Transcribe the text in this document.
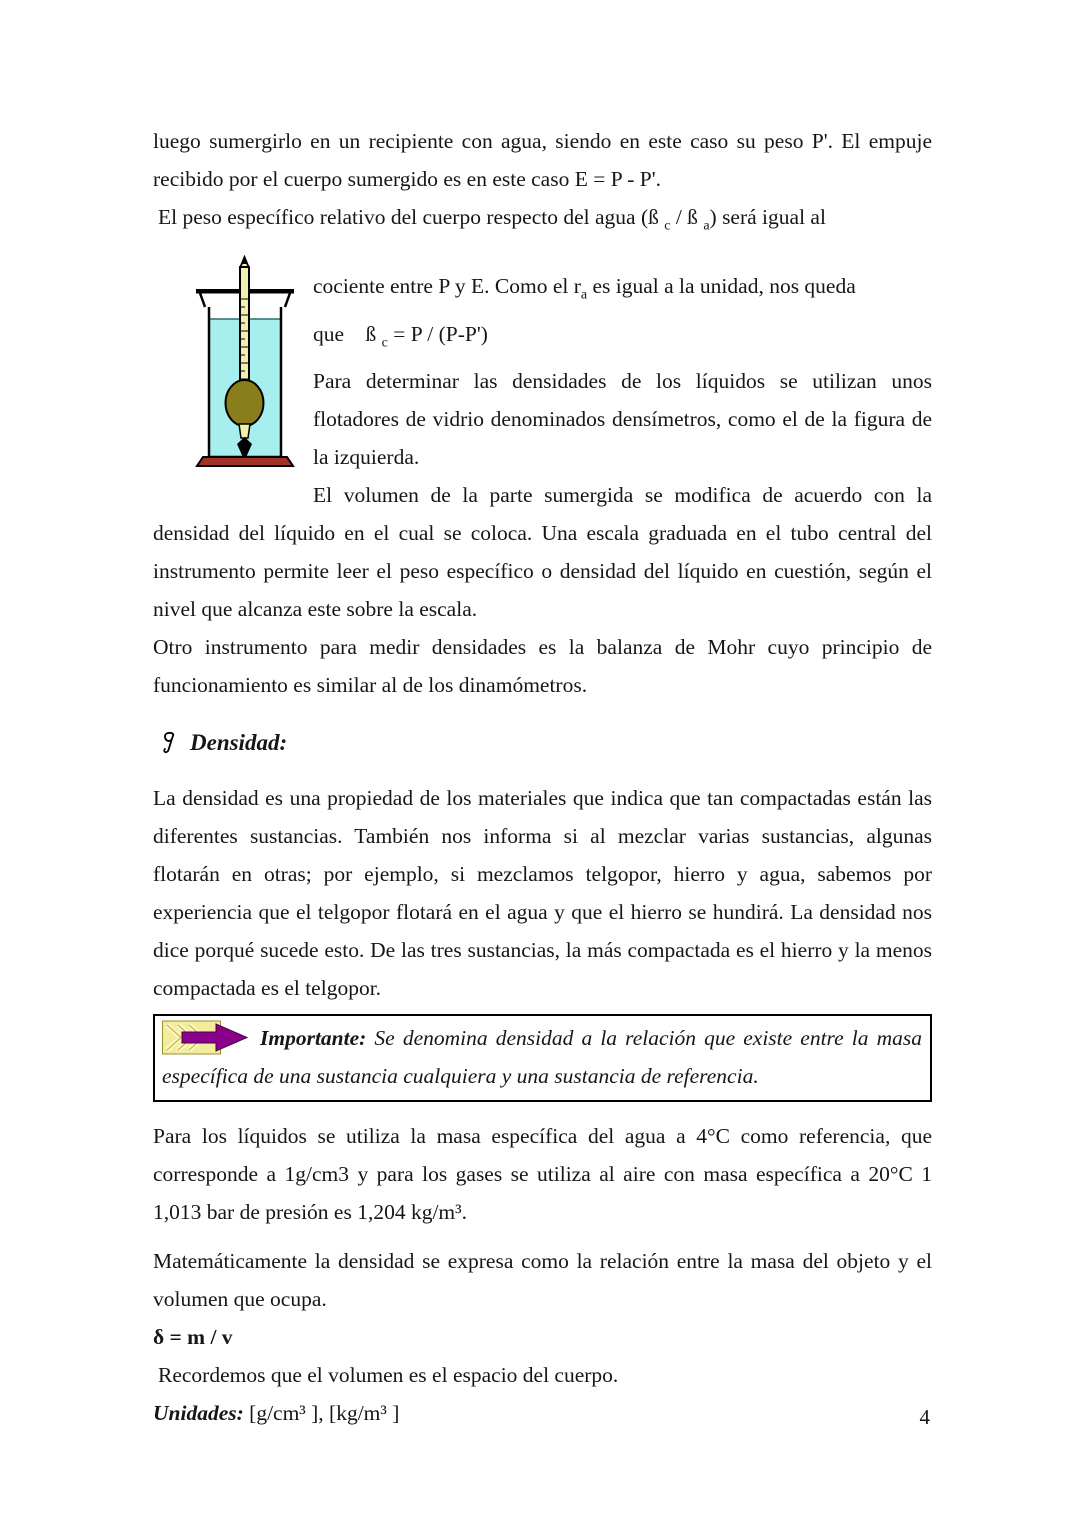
luego sumergirlo en un recipiente con agua, siendo en este caso su peso P'. El empuje recibido por el cuerpo sumergido es en este caso E = P - P'.

El peso específico relativo del cuerpo respecto del agua (ß $_c$ / ß $_a$) será igual al

cociente entre P y E. Como el $r_a$ es igual a la unidad, nos queda

que    ß $_c$ = P / (P-P')

Para determinar las densidades de los líquidos se utilizan unos flotadores de vidrio denominados densímetros, como el de la figura de la izquierda.

El volumen de la parte sumergida se modifica de acuerdo con la densidad del líquido en el cual se coloca. Una escala graduada en el tubo central del instrumento permite leer el peso específico o densidad del líquido en cuestión, según el nivel que alcanza este sobre la escala.

Otro instrumento para medir densidades es la balanza de Mohr cuyo principio de funcionamiento es similar al de los dinamómetros.

Densidad:

La densidad es una propiedad de los materiales que indica que tan compactadas están las diferentes sustancias. También nos informa si al mezclar varias sustancias, algunas flotarán en otras; por ejemplo, si mezclamos telgopor, hierro y agua, sabemos por experiencia que el telgopor flotará en el agua y que el hierro se hundirá. La densidad nos dice porqué sucede esto. De las tres sustancias, la más compactada es el hierro y la menos compactada es el telgopor.

Importante: Se denomina densidad a la relación que existe entre la masa específica de una sustancia cualquiera y una sustancia de referencia.

Para los líquidos se utiliza la masa específica del agua a 4°C como referencia, que corresponde a 1g/cm3 y para los gases se utiliza al aire con masa específica a 20°C 1 1,013 bar de presión es 1,204 kg/m³.

Matemáticamente la densidad se expresa como la relación entre la masa del objeto y el volumen que ocupa.

δ = m / v

Recordemos que el volumen es el espacio del cuerpo.

Unidades: [g/cm³ ], [kg/m³ ]	4
